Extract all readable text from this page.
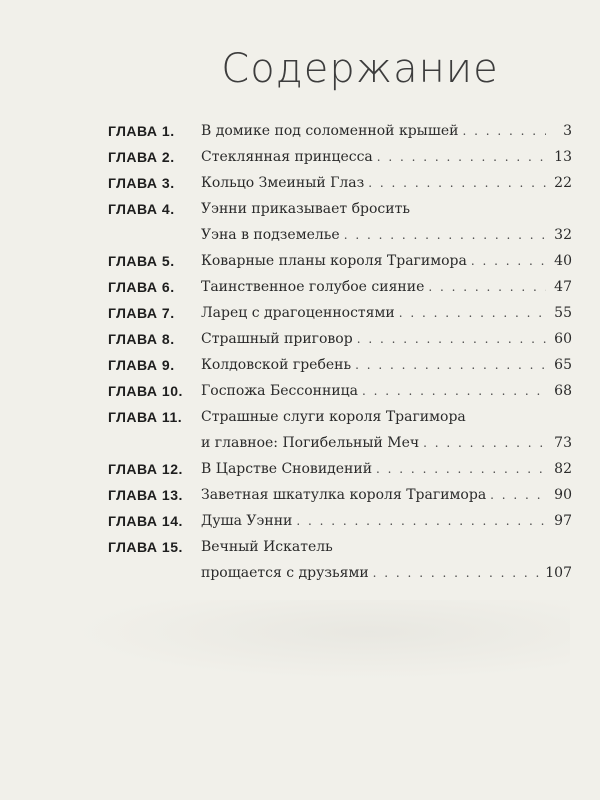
Содержание
ГЛАВА 1. В домике под соломенной крышей . . .	3
ГЛАВА 2. Стеклянная принцесса . . .	13
ГЛАВА 3. Кольцо Змеиный Глаз . . .	22
ГЛАВА 4. Уэнни приказывает бросить
Уэна в подземелье . . .	32
ГЛАВА 5. Коварные планы короля Трагимора . . .	40
ГЛАВА 6. Таинственное голубое сияние . . .	47
ГЛАВА 7. Ларец с драгоценностями . . .	55
ГЛАВА 8. Страшный приговор . . .	60
ГЛАВА 9. Колдовской гребень . . .	65
ГЛАВА 10. Госпожа Бессонница . . .	68
ГЛАВА 11. Страшные слуги короля Трагимора
и главное: Погибельный Меч . . .	73
ГЛАВА 12. В Царстве Сновидений . . .	82
ГЛАВА 13. Заветная шкатулка короля Трагимора . . .	90
ГЛАВА 14. Душа Уэнни . . .	97
ГЛАВА 15. Вечный Искатель
прощается с друзьями . . .	107
